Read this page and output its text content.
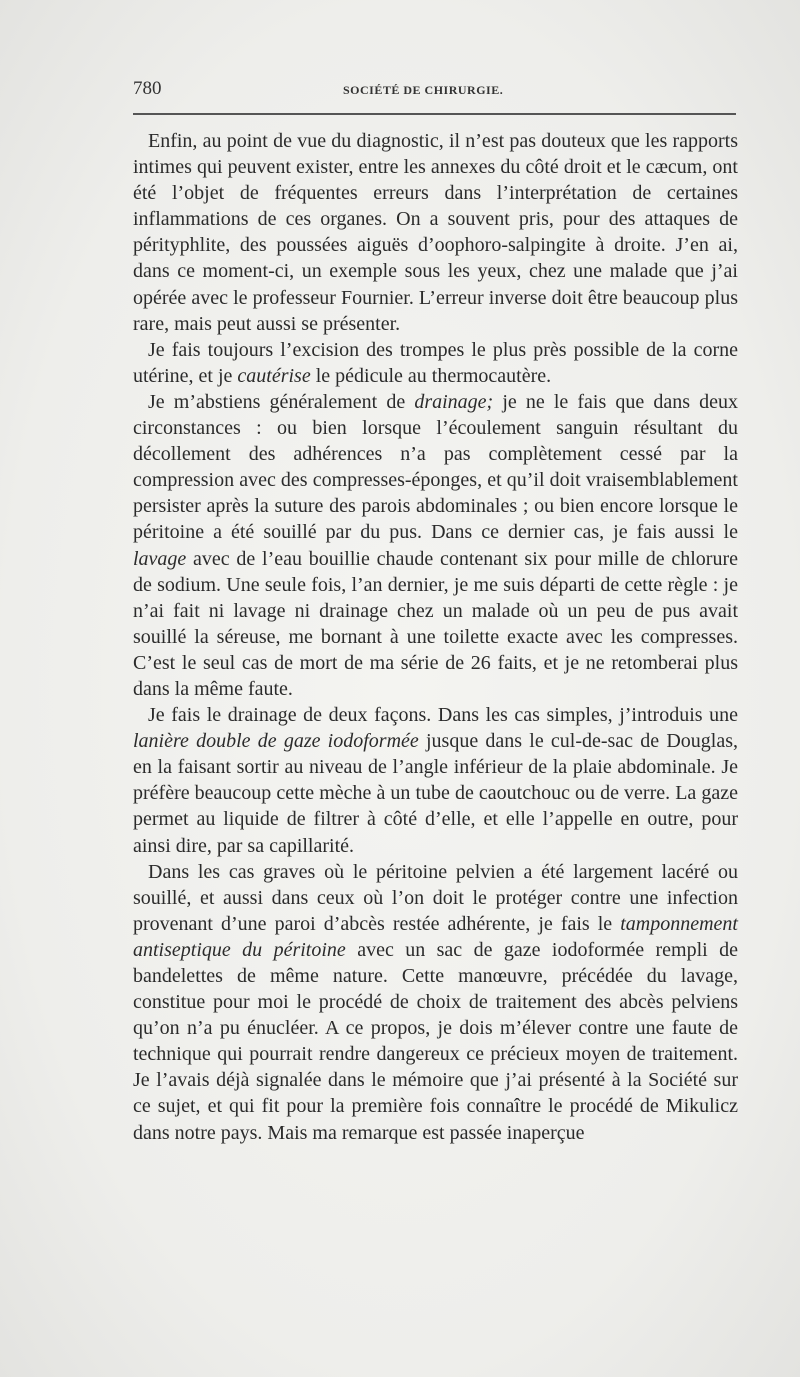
780	SOCIÉTÉ DE CHIRURGIE.

Enfin, au point de vue du diagnostic, il n’est pas douteux que les rapports intimes qui peuvent exister, entre les annexes du côté droit et le cæcum, ont été l’objet de fréquentes erreurs dans l’interprétation de certaines inflammations de ces organes. On a souvent pris, pour des attaques de pérityphlite, des poussées aiguës d’oophoro-salpingite à droite. J’en ai, dans ce moment-ci, un exemple sous les yeux, chez une malade que j’ai opérée avec le professeur Fournier. L’erreur inverse doit être beaucoup plus rare, mais peut aussi se présenter.

Je fais toujours l’excision des trompes le plus près possible de la corne utérine, et je cautérise le pédicule au thermocautère.

Je m’abstiens généralement de drainage; je ne le fais que dans deux circonstances : ou bien lorsque l’écoulement sanguin résultant du décollement des adhérences n’a pas complètement cessé par la compression avec des compresses-éponges, et qu’il doit vraisemblablement persister après la suture des parois abdominales ; ou bien encore lorsque le péritoine a été souillé par du pus. Dans ce dernier cas, je fais aussi le lavage avec de l’eau bouillie chaude contenant six pour mille de chlorure de sodium. Une seule fois, l’an dernier, je me suis départi de cette règle : je n’ai fait ni lavage ni drainage chez un malade où un peu de pus avait souillé la séreuse, me bornant à une toilette exacte avec les compresses. C’est le seul cas de mort de ma série de 26 faits, et je ne retomberai plus dans la même faute.

Je fais le drainage de deux façons. Dans les cas simples, j’introduis une lanière double de gaze iodoformée jusque dans le cul-de-sac de Douglas, en la faisant sortir au niveau de l’angle inférieur de la plaie abdominale. Je préfère beaucoup cette mèche à un tube de caoutchouc ou de verre. La gaze permet au liquide de filtrer à côté d’elle, et elle l’appelle en outre, pour ainsi dire, par sa capillarité.

Dans les cas graves où le péritoine pelvien a été largement lacéré ou souillé, et aussi dans ceux où l’on doit le protéger contre une infection provenant d’une paroi d’abcès restée adhérente, je fais le tamponnement antiseptique du péritoine avec un sac de gaze iodoformée rempli de bandelettes de même nature. Cette manœuvre, précédée du lavage, constitue pour moi le procédé de choix de traitement des abcès pelviens qu’on n’a pu énucléer. A ce propos, je dois m’élever contre une faute de technique qui pourrait rendre dangereux ce précieux moyen de traitement. Je l’avais déjà signalée dans le mémoire que j’ai présenté à la Société sur ce sujet, et qui fit pour la première fois connaître le procédé de Mikulicz dans notre pays. Mais ma remarque est passée inaperçue
